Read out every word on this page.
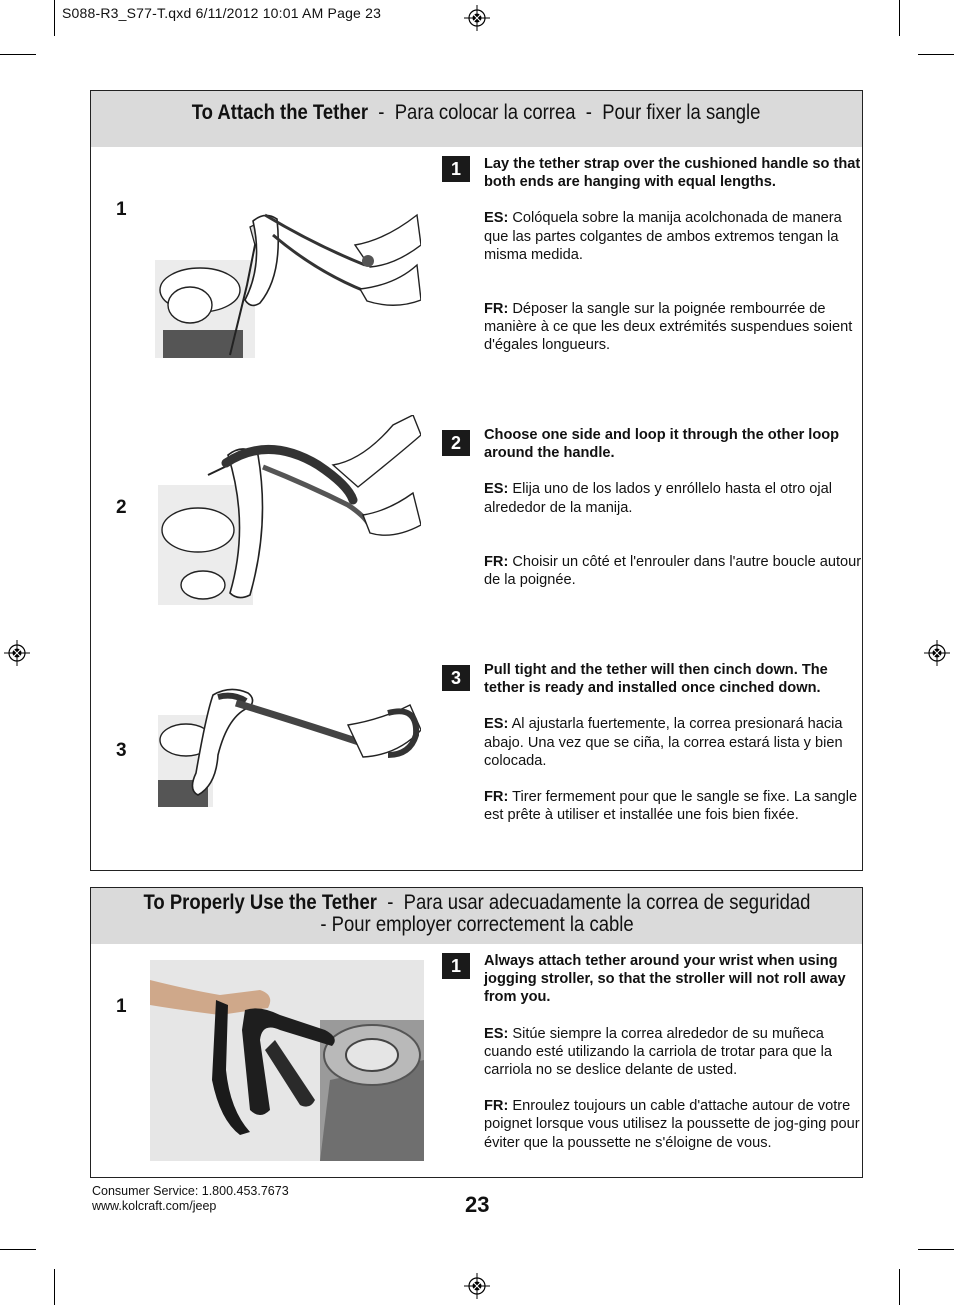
S088-R3_S77-T.qxd 6/11/2012 10:01 AM Page 23
To Attach the Tether - Para colocar la correa - Pour fixer la sangle
1
1	Lay the tether strap over the cushioned handle so that both ends are hanging with equal lengths.

ES: Colóquela sobre la manija acolchonada de manera que las partes colgantes de ambos extremos tengan la misma medida.

FR: Déposer la sangle sur la poignée rembourrée de manière à ce que les deux extrémités suspendues soient d'égales longueurs.

2
2	Choose one side and loop it through the other loop around the handle.

ES: Elija uno de los lados y enróllelo hasta el otro ojal alrededor de la manija.

FR: Choisir un côté et l'enrouler dans l'autre boucle autour de la poignée.

3
3	Pull tight and the tether will then cinch down. The tether is ready and installed once cinched down.

ES: Al ajustarla fuertemente, la correa presionará hacia abajo. Una vez que se ciña, la correa estará lista y bien colocada.

FR: Tirer fermement pour que le sangle se fixe. La sangle est prête à utiliser et installée une fois bien fixée.

To Properly Use the Tether - Para usar adecuadamente la correa de seguridad
- Pour employer correctement la cable
1
1	Always attach tether around your wrist when using jogging stroller, so that the stroller will not roll away from you.

ES: Sitúe siempre la correa alrededor de su muñeca cuando esté utilizando la carriola de trotar para que la carriola no se deslice delante de usted.

FR: Enroulez toujours un cable d'attache autour de votre poignet lorsque vous utilisez la poussette de jog-ging pour éviter que la poussette ne s'éloigne de vous.

Consumer Service: 1.800.453.7673
www.kolcraft.com/jeep	23
